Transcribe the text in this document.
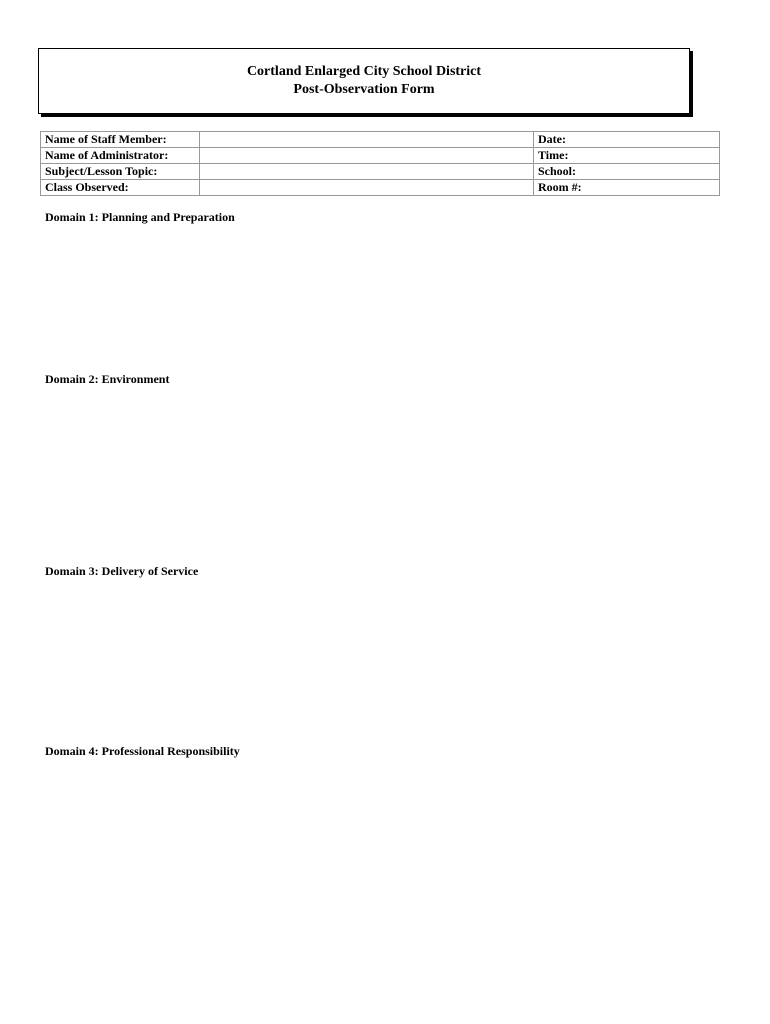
Cortland Enlarged City School District
Post-Observation Form
Name of Staff Member:		Date:
Name of Administrator:		Time:
Subject/Lesson Topic:		School:
Class Observed:		Room #:
Domain 1: Planning and Preparation
Domain 2: Environment
Domain 3: Delivery of Service
Domain 4: Professional Responsibility
